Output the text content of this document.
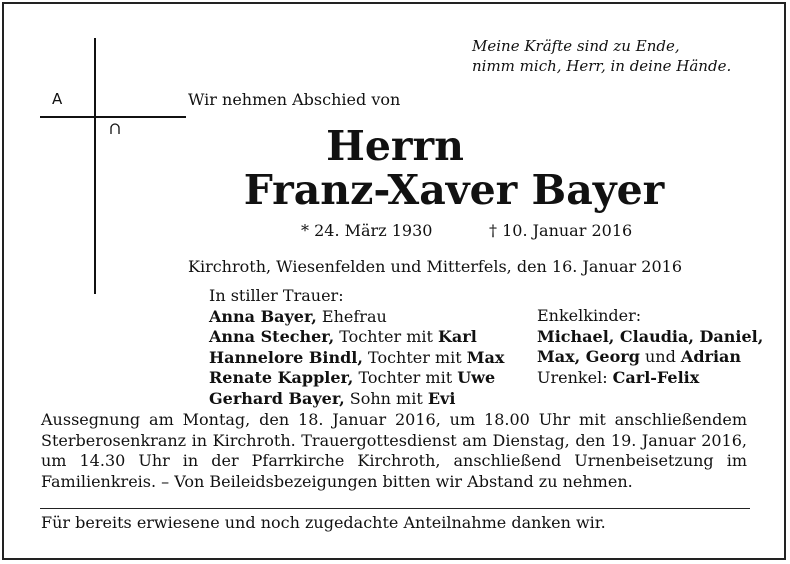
A
Meine Kräfte sind zu Ende,
nimm mich, Herr, in deine Hände.
Wir nehmen Abschied von
Herrn
Franz-Xaver Bayer
* 24. März 1930	† 10. Januar 2016
Kirchroth, Wiesenfelden und Mitterfels, den 16. Januar 2016
In stiller Trauer:
Anna Bayer, Ehefrau
Anna Stecher, Tochter mit Karl
Hannelore Bindl, Tochter mit Max
Renate Kappler, Tochter mit Uwe
Gerhard Bayer, Sohn mit Evi
Enkelkinder:
Michael, Claudia, Daniel,
Max, Georg und Adrian
Urenkel: Carl-Felix
Aussegnung am Montag, den 18. Januar 2016, um 18.00 Uhr mit anschließendem Sterberosenkranz in Kirchroth. Trauergottesdienst am Dienstag, den 19. Januar 2016, um 14.30 Uhr in der Pfarrkirche Kirchroth, anschließend Urnenbeisetzung im Familienkreis. – Von Beileidsbezeigungen bitten wir Abstand zu nehmen.
Für bereits erwiesene und noch zugedachte Anteilnahme danken wir.
